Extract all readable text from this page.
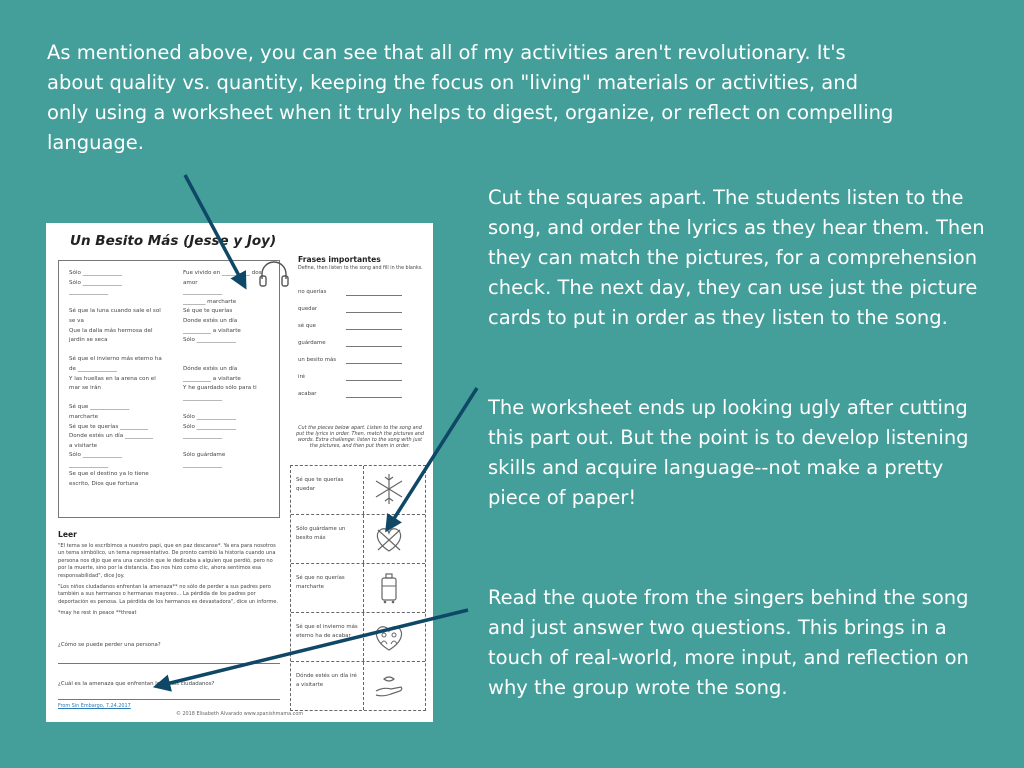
As mentioned above, you can see that all of my activities aren't revolutionary. It's about quality vs. quantity, keeping the focus on "living" materials or activities, and only using a worksheet when it truly helps to digest, organize, or reflect on compelling language.
Cut the squares apart. The students listen to the song, and order the lyrics as they hear them. Then they can match the pictures, for a comprehension check. The next day, they can use just the picture cards to put in order as they listen to the song.
The worksheet ends up looking ugly after cutting this part out. But the point is to develop listening skills and acquire language--not make a pretty piece of paper!
Read the quote from the singers behind the song and just answer two questions. This brings in a touch of real-world, more input, and reflection on why the group wrote the song.
Un Besito Más (Jesse y Joy)
Sólo ______________
Sólo ______________
______________

Sé que la luna cuando sale el sol
se va
Que la dalia más hermosa del
jardín se seca

Sé que el invierno más eterno ha
de ______________
Y las huellas en la arena con el
mar se irán

Sé que ______________
marcharte
Sé que te querías __________
Donde estés un día __________
a visitarte
Sólo ______________
______________
Se que el destino ya lo tiene
escrito, Dios que fortuna
Fue vivido en __________ dos
amor
______________
________ marcharte
Sé que te querías
Donde estés un día
__________ a visitarte
Sólo ______________

Dónde estés un día
__________ a visitarte
Y he guardado sólo para ti
______________

Sólo ______________
Sólo ______________
______________

Sólo guárdame
______________
Frases importantes
Define, then listen to the song and fill in the blanks.
no querías
quedar
sé que
guárdame
un besito más
iré
acabar
Cut the pieces below apart. Listen to the song and put the lyrics in order. Then, match the pictures and words. Extra challenge: listen to the song with just the pictures, and then put them in order.
Sé que te querías quedar
Sólo guárdame un besito más
Sé que no querías marcharte
Sé que el invierno más eterno ha de acabar
Dónde estés un día iré a visitarte
Leer

"El tema se lo escribimos a nuestro papi, que en paz descanse*. Ya era para nosotros un tema simbólico, un tema representativo. De pronto cambió la historia cuando una persona nos dijo que era una canción que le dedicaba a alguien que perdió, pero no por la muerte, sino por la distancia. Eso nos hizo como clic, ahora sentimos esa responsabilidad", dice Joy.

"Los niños ciudadanos enfrentan la amenaza** no sólo de perder a sus padres pero también a sus hermanos o hermanas mayores... La pérdida de los padres por deportación es penosa. La pérdida de los hermanos es devastadora", dice un informe.

*may he rest in peace **threat

¿Cómo se puede perder una persona?
¿Cuál es la amenaza que enfrentan los niños ciudadanos?
From Sin Embargo, 7.24.2017
© 2018 Elisabeth Alvarado www.spanishmama.com
